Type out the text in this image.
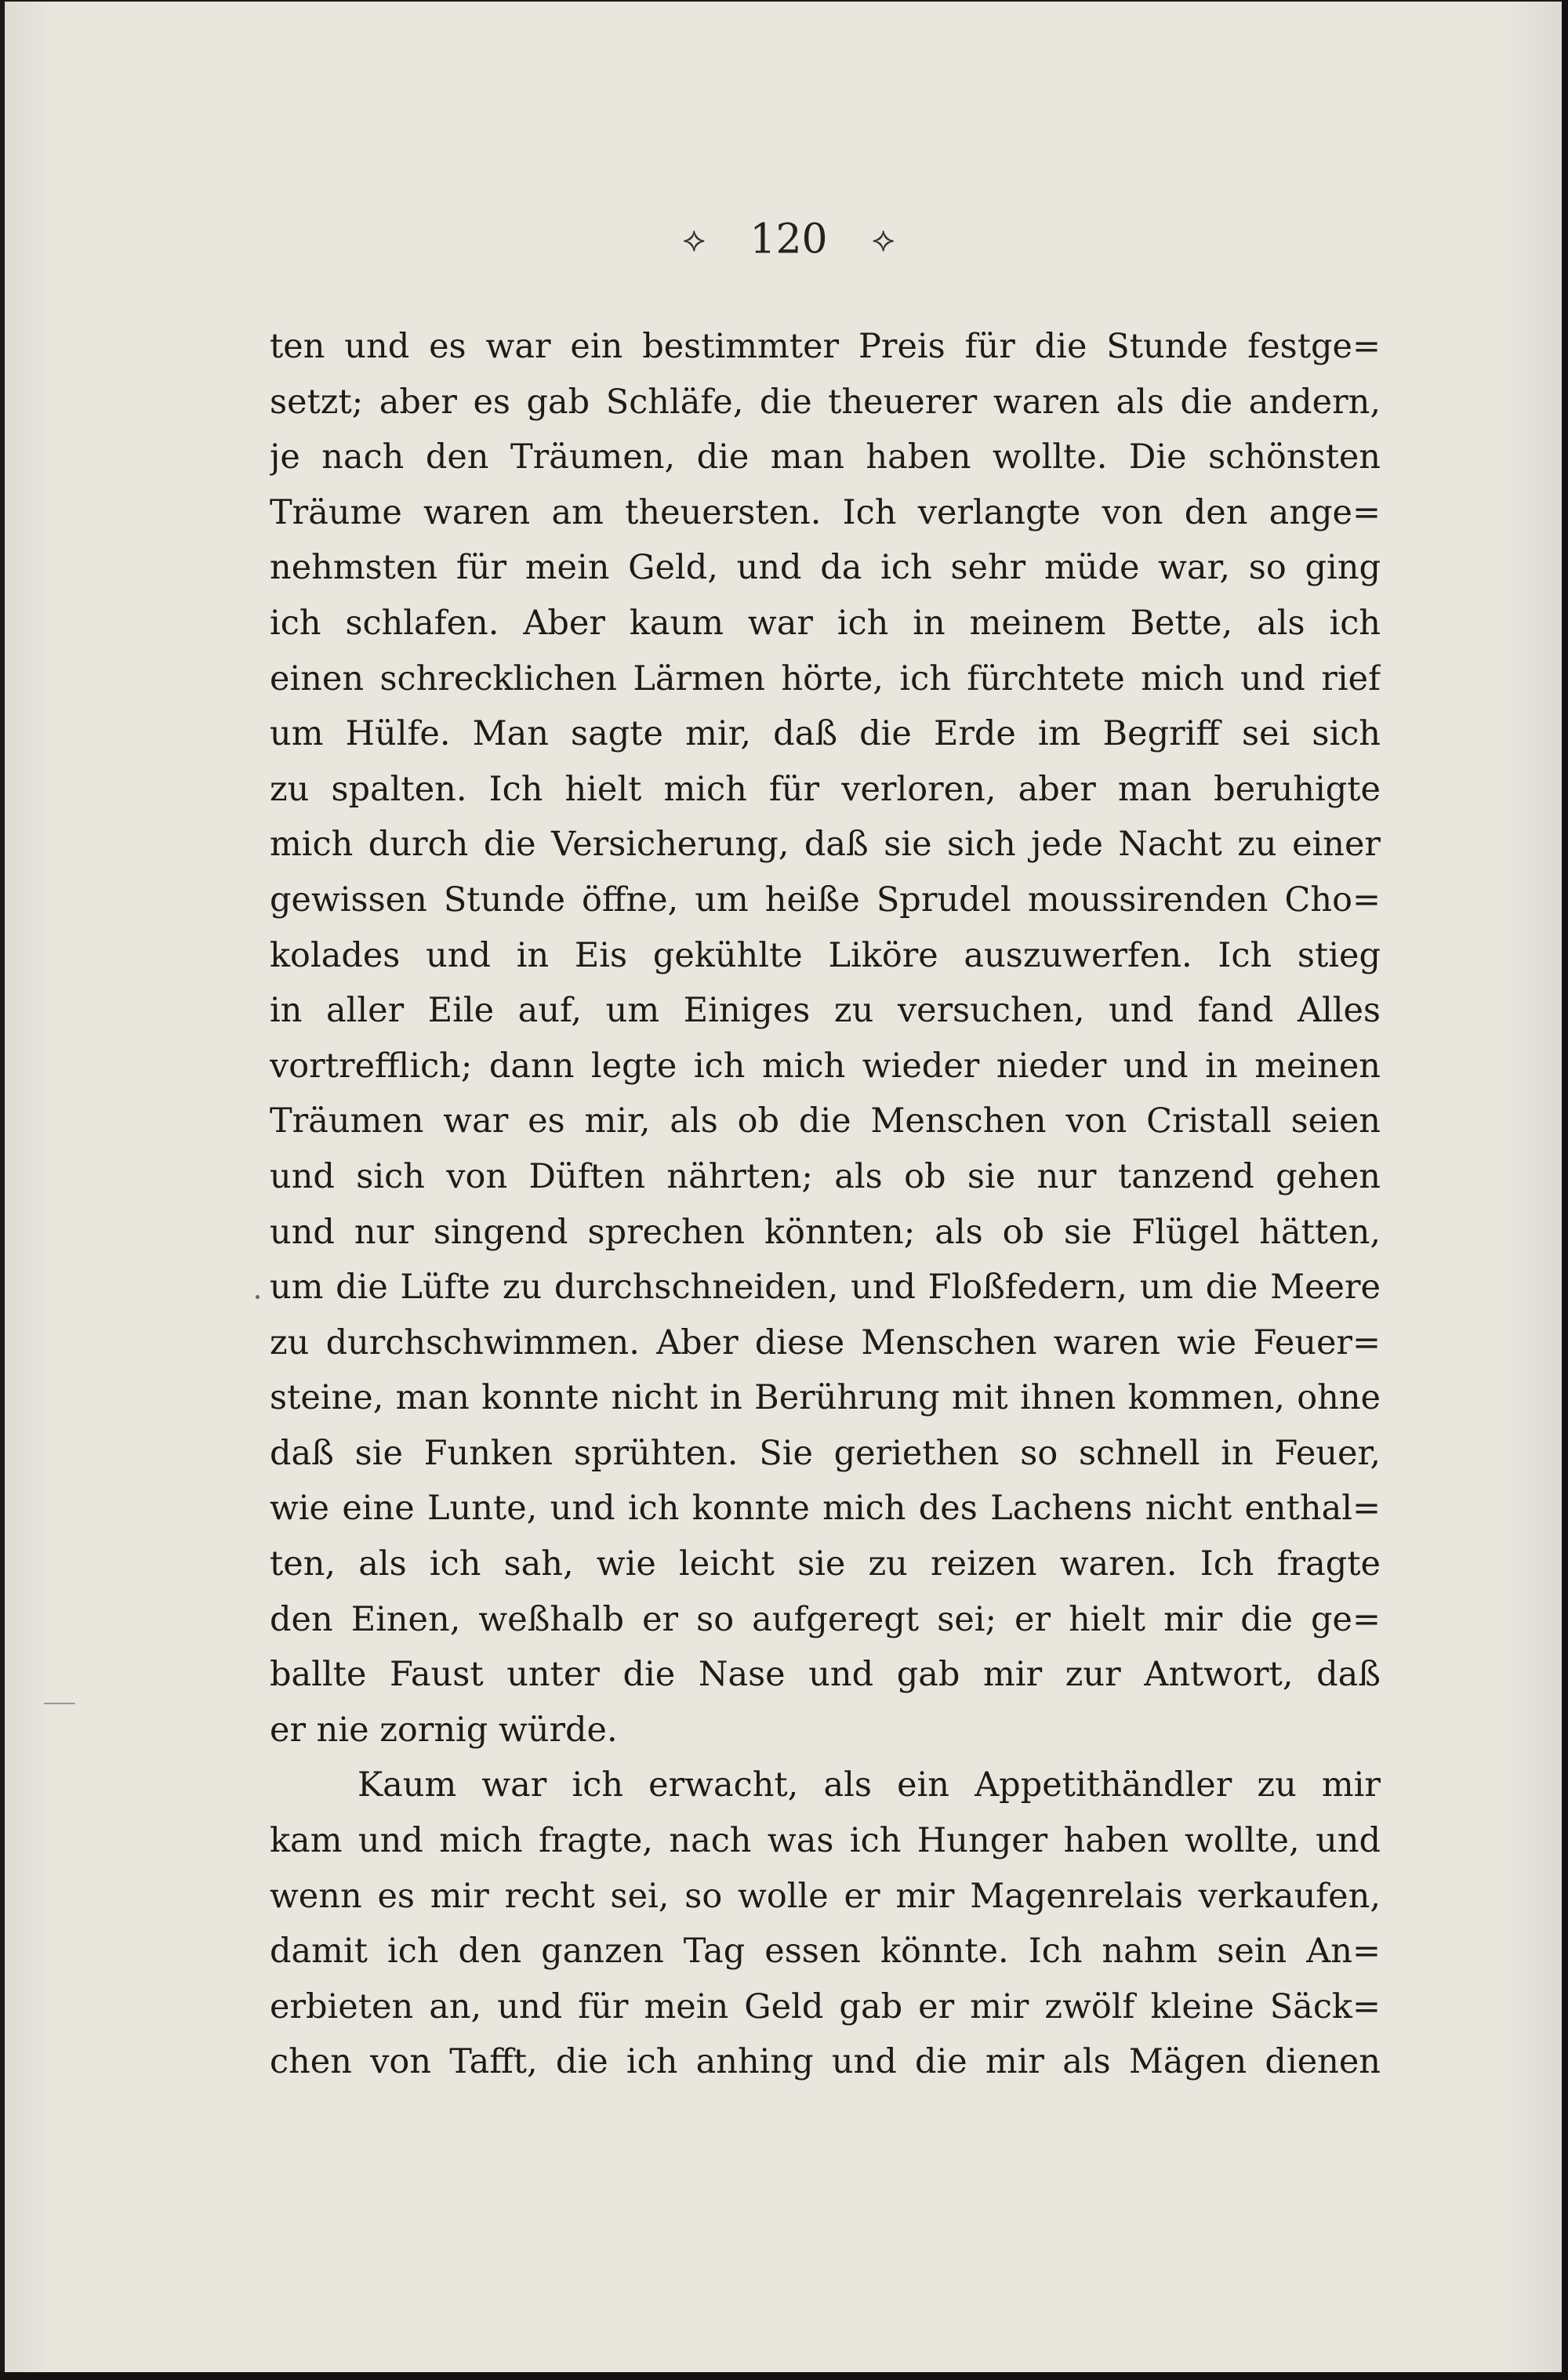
⟡ 120 ⟡
ten und es war ein bestimmter Preis für die Stunde festge=
setzt; aber es gab Schläfe, die theuerer waren als die andern,
je nach den Träumen, die man haben wollte. Die schönsten
Träume waren am theuersten. Ich verlangte von den ange=
nehmsten für mein Geld, und da ich sehr müde war, so ging
ich schlafen. Aber kaum war ich in meinem Bette, als ich
einen schrecklichen Lärmen hörte, ich fürchtete mich und rief
um Hülfe. Man sagte mir, daß die Erde im Begriff sei sich
zu spalten. Ich hielt mich für verloren, aber man beruhigte
mich durch die Versicherung, daß sie sich jede Nacht zu einer
gewissen Stunde öffne, um heiße Sprudel moussirenden Cho=
kolades und in Eis gekühlte Liköre auszuwerfen. Ich stieg
in aller Eile auf, um Einiges zu versuchen, und fand Alles
vortrefflich; dann legte ich mich wieder nieder und in meinen
Träumen war es mir, als ob die Menschen von Cristall seien
und sich von Düften nährten; als ob sie nur tanzend gehen
und nur singend sprechen könnten; als ob sie Flügel hätten,
um die Lüfte zu durchschneiden, und Floßfedern, um die Meere
zu durchschwimmen. Aber diese Menschen waren wie Feuer=
steine, man konnte nicht in Berührung mit ihnen kommen, ohne
daß sie Funken sprühten. Sie geriethen so schnell in Feuer,
wie eine Lunte, und ich konnte mich des Lachens nicht enthal=
ten, als ich sah, wie leicht sie zu reizen waren. Ich fragte
den Einen, weßhalb er so aufgeregt sei; er hielt mir die ge=
ballte Faust unter die Nase und gab mir zur Antwort, daß
er nie zornig würde.
Kaum war ich erwacht, als ein Appetithändler zu mir
kam und mich fragte, nach was ich Hunger haben wollte, und
wenn es mir recht sei, so wolle er mir Magenrelais verkaufen,
damit ich den ganzen Tag essen könnte. Ich nahm sein An=
erbieten an, und für mein Geld gab er mir zwölf kleine Säck=
chen von Tafft, die ich anhing und die mir als Mägen dienen
